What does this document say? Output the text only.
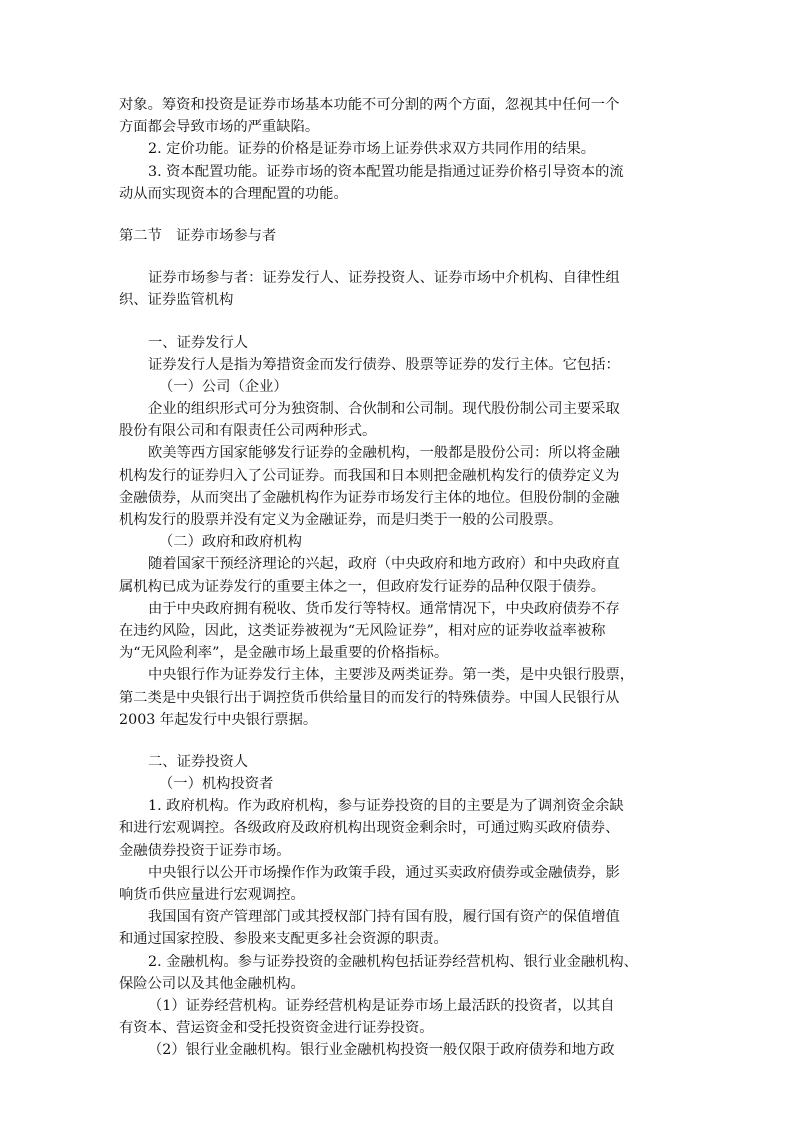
对象。筹资和投资是证券市场基本功能不可分割的两个方面，忽视其中任何一个
方面都会导致市场的严重缺陷。
2. 定价功能。证券的价格是证券市场上证券供求双方共同作用的结果。
3. 资本配置功能。证券市场的资本配置功能是指通过证券价格引导资本的流
动从而实现资本的合理配置的功能。
第二节　证券市场参与者
证券市场参与者：证券发行人、证券投资人、证券市场中介机构、自律性组
织、证券监管机构
一、证券发行人
证券发行人是指为筹措资金而发行债券、股票等证券的发行主体。它包括：
（一）公司（企业）
企业的组织形式可分为独资制、合伙制和公司制。现代股份制公司主要采取
股份有限公司和有限责任公司两种形式。
欧美等西方国家能够发行证券的金融机构，一般都是股份公司：所以将金融
机构发行的证券归入了公司证券。而我国和日本则把金融机构发行的债券定义为
金融债券，从而突出了金融机构作为证券市场发行主体的地位。但股份制的金融
机构发行的股票并没有定义为金融证券，而是归类于一般的公司股票。
（二）政府和政府机构
随着国家干预经济理论的兴起，政府（中央政府和地方政府）和中央政府直
属机构已成为证券发行的重要主体之一，但政府发行证券的品种仅限于债券。
由于中央政府拥有税收、货币发行等特权。通常情况下，中央政府债券不存
在违约风险，因此，这类证券被视为“无风险证券”，相对应的证券收益率被称
为“无风险利率”，是金融市场上最重要的价格指标。
中央银行作为证券发行主体，主要涉及两类证券。第一类，是中央银行股票，
第二类是中央银行出于调控货币供给量目的而发行的特殊债券。中国人民银行从
2003 年起发行中央银行票据。
二、证券投资人
（一）机构投资者
1. 政府机构。作为政府机构，参与证券投资的目的主要是为了调剂资金余缺
和进行宏观调控。各级政府及政府机构出现资金剩余时，可通过购买政府债券、
金融债券投资于证券市场。
中央银行以公开市场操作作为政策手段，通过买卖政府债券或金融债券，影
响货币供应量进行宏观调控。
我国国有资产管理部门或其授权部门持有国有股，履行国有资产的保值增值
和通过国家控股、参股来支配更多社会资源的职责。
2. 金融机构。参与证券投资的金融机构包括证券经营机构、银行业金融机构、
保险公司以及其他金融机构。
（1）证券经营机构。证券经营机构是证券市场上最活跃的投资者，以其自
有资本、营运资金和受托投资资金进行证券投资。
（2）银行业金融机构。银行业金融机构投资一般仅限于政府债券和地方政
